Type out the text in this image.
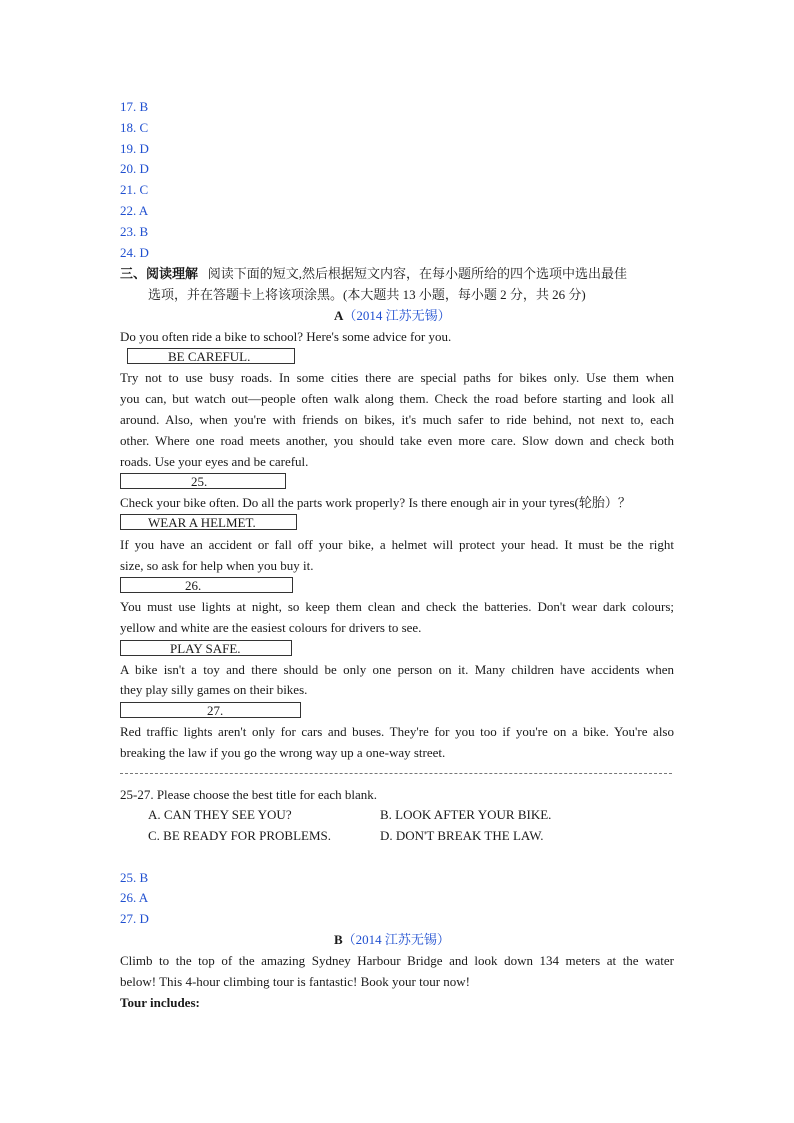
17. B
18. C
19. D
20. D
21. C
22. A
23. B
24. D
三、阅读理解 阅读下面的短文,然后根据短文内容，在每小题所给的四个选项中选出最佳
选项，并在答题卡上将该项涂黑。(本大题共 13 小题，每小题 2 分，共 26 分)
A（2014 江苏无锡）
Do you often ride a bike to school? Here's some advice for you.
BE CAREFUL.
Try not to use busy roads. In some cities there are special paths for bikes only. Use them when
you can, but watch out—people often walk along them. Check the road before starting and look all
around. Also, when you're with friends on bikes, it's much safer to ride behind, not next to, each
other. Where one road meets another, you should take even more care. Slow down and check both
roads. Use your eyes and be careful.
25.
Check your bike often. Do all the parts work properly? Is there enough air in your tyres(轮胎）？
WEAR A HELMET.
If you have an accident or fall off your bike, a helmet will protect your head. It must be the right
size, so ask for help when you buy it.
26.
You must use lights at night, so keep them clean and check the batteries. Don't wear dark colours;
yellow and white are the easiest colours for drivers to see.
PLAY SAFE.
A bike isn't a toy and there should be only one person on it. Many children have accidents when
they play silly games on their bikes.
27.
Red traffic lights aren't only for cars and buses. They're for you too if you're on a bike. You're also
breaking the law if you go the wrong way up a one-way street.
25-27. Please choose the best title for each blank.
A. CAN THEY SEE YOU?	B. LOOK AFTER YOUR BIKE.
C. BE READY FOR PROBLEMS.	D. DON'T BREAK THE LAW.
25. B
26. A
27. D
B（2014 江苏无锡）
Climb to the top of the amazing Sydney Harbour Bridge and look down 134 meters at the water
below! This 4-hour climbing tour is fantastic! Book your tour now!
Tour includes:
